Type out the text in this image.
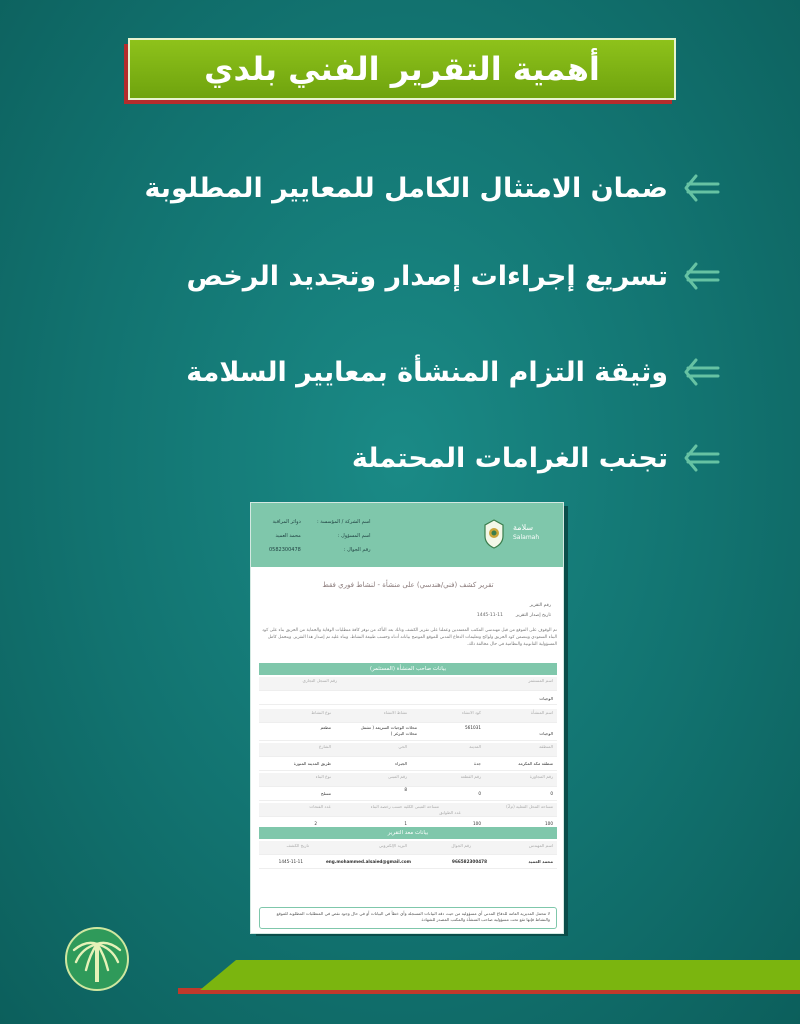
أهمية التقرير الفني بلدي
ضمان الامتثال الكامل للمعايير المطلوبة
تسريع إجراءات إصدار وتجديد الرخص
وثيقة التزام المنشأة بمعايير السلامة
تجنب الغرامات المحتملة
اسم الشركة / المؤسسة :
اسم المسؤول :
رقم الجوال :
دوائر المراقبة
محمد العميد
0582300478
سلامة
Salamah
تقرير كشف (فني/هندسي) على منشأة - لنشاط فوري فقط
رقم التقرير
1445-11-11	تاريخ إصدار التقرير
تم الوقوف على الموقع من قبل مهندسي المكتب المعتمدين وعملنا على تقرير الكشف وذلك بعد التأكد من توفر كافة متطلبات الوقاية والحماية من الحريق بناء على كود البناء السعودي ويتضمن كود الحريق ولوائح وتعليمات الدفاع المدني للموقع الموضح بياناته أدناه وحسب طبيعة النشاط. وبناء عليه تم إصدار هذا التقرير. ويتحمل كامل المسؤولية القانونية والنظامية في حال مخالفة ذلك.
بيانات صاحب المنشأة (المستثمر)
اسم المستثمر
رقم السجل التجاري
الوجبات
اسم المنشأة
كود الانشاء
نشاط الانشاء
نوع النشاط
الوجبات
561031
محلات الوجبات السريعة ( تشمل محلات البرغر )
مطعم
المنطقة
المدينة
الحي
الشارع
منطقة مكة المكرمة
جدة
الجبراء
طريق المدينة المنورة
رقم المجاورة
رقم القطعة
رقم المبنى
نوع البناء
0
0
8
مسلح
مساحة المحل الفعلية (م2)
مساحة المبنى الكلية حسب رخصة البناء
عدد الطوابق
عدد الفتحات
100
100
1
2
بيانات معد التقرير
اسم المهندس
رقم الجوال
البريد الإلكتروني
تاريخ الكشف
محمد العميد
966582300478
eng.mohammed.alsaied@gmail.com
1445-11-11
لا تتحمل المديرية العامة للدفاع المدني أي مسؤولية من حيث دقة البيانات المسجلة وأي خطأ في البيانات أو في حال وجود نقص في المتطلبات المطلوبة للموقع والنشاط فإنها تقع تحت مسؤولية صاحب المنشأة والمكتب المصدر للشهادة
